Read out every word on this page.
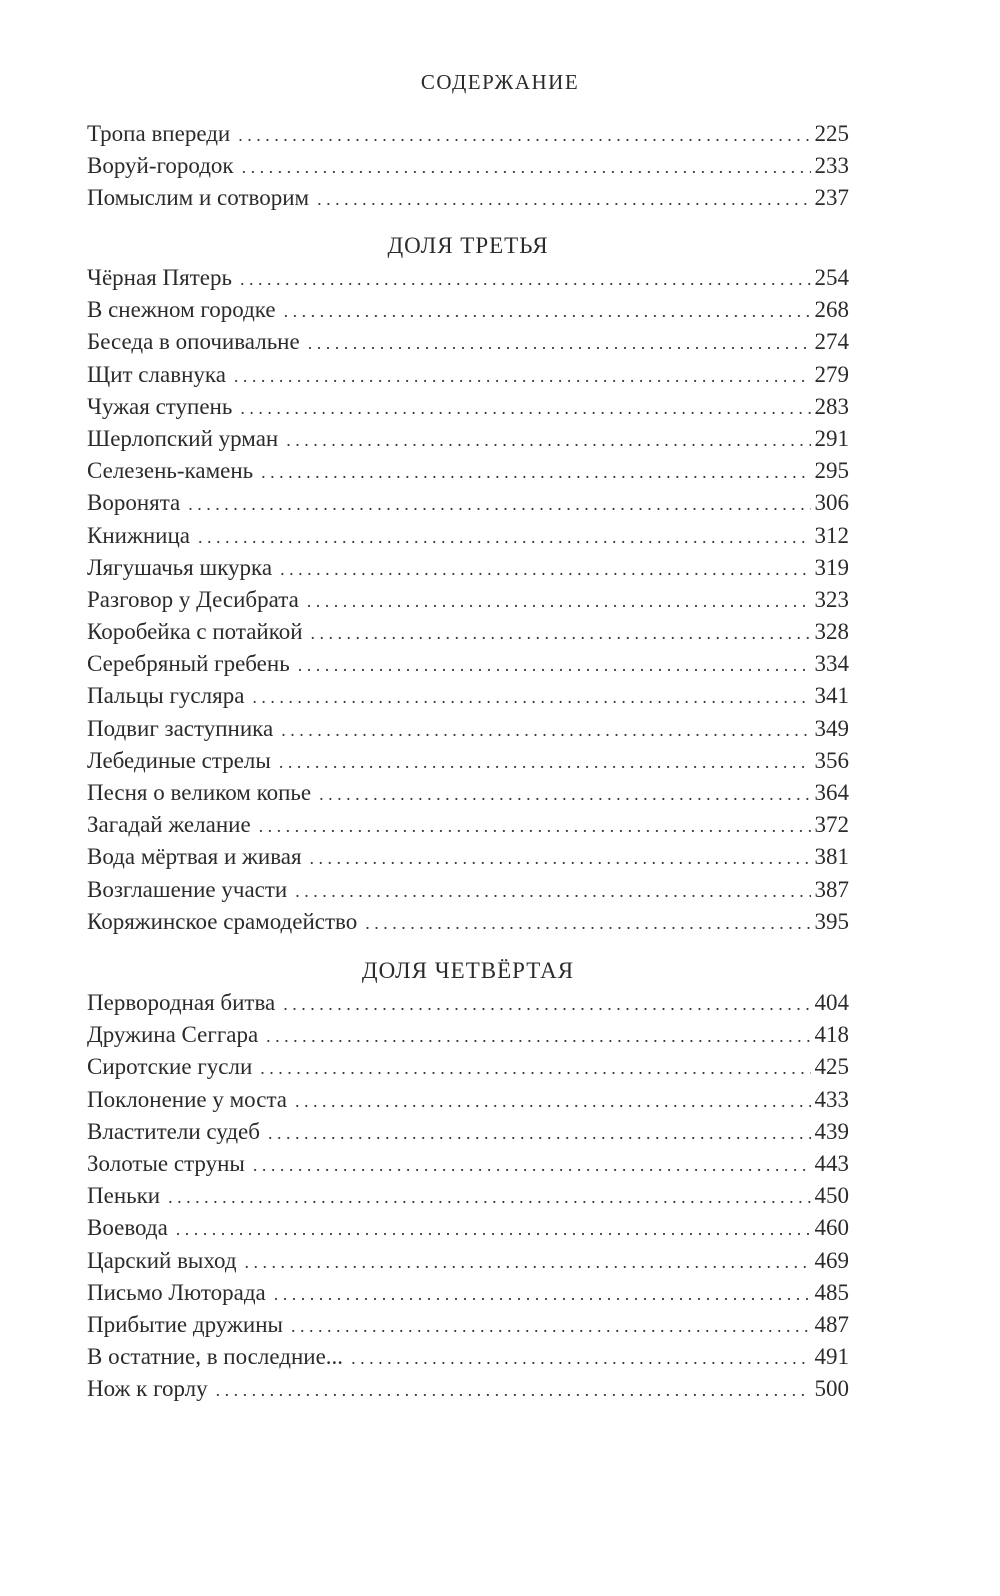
СОДЕРЖАНИЕ
Тропа впереди . . .	225
Воруй-городок . . .	233
Помыслим и сотворим . . .	237
ДОЛЯ ТРЕТЬЯ
Чёрная Пятерь . . .	254
В снежном городке . . .	268
Беседа в опочивальне . . .	274
Щит славнука . . .	279
Чужая ступень . . .	283
Шерлопский урман . . .	291
Селезень-камень . . .	295
Воронята . . .	306
Книжница . . .	312
Лягушачья шкурка . . .	319
Разговор у Десибрата . . .	323
Коробейка с потайкой . . .	328
Серебряный гребень . . .	334
Пальцы гусляра . . .	341
Подвиг заступника . . .	349
Лебединые стрелы . . .	356
Песня о великом копье . . .	364
Загадай желание . . .	372
Вода мёртвая и живая . . .	381
Возглашение участи . . .	387
Коряжинское срамодейство . . .	395
ДОЛЯ ЧЕТВЁРТАЯ
Первородная битва . . .	404
Дружина Сеггара . . .	418
Сиротские гусли . . .	425
Поклонение у моста . . .	433
Властители судеб . . .	439
Золотые струны . . .	443
Пеньки . . .	450
Воевода . . .	460
Царский выход . . .	469
Письмо Люторада . . .	485
Прибытие дружины . . .	487
В остатние, в последние... . . .	491
Нож к горлу . . .	500
